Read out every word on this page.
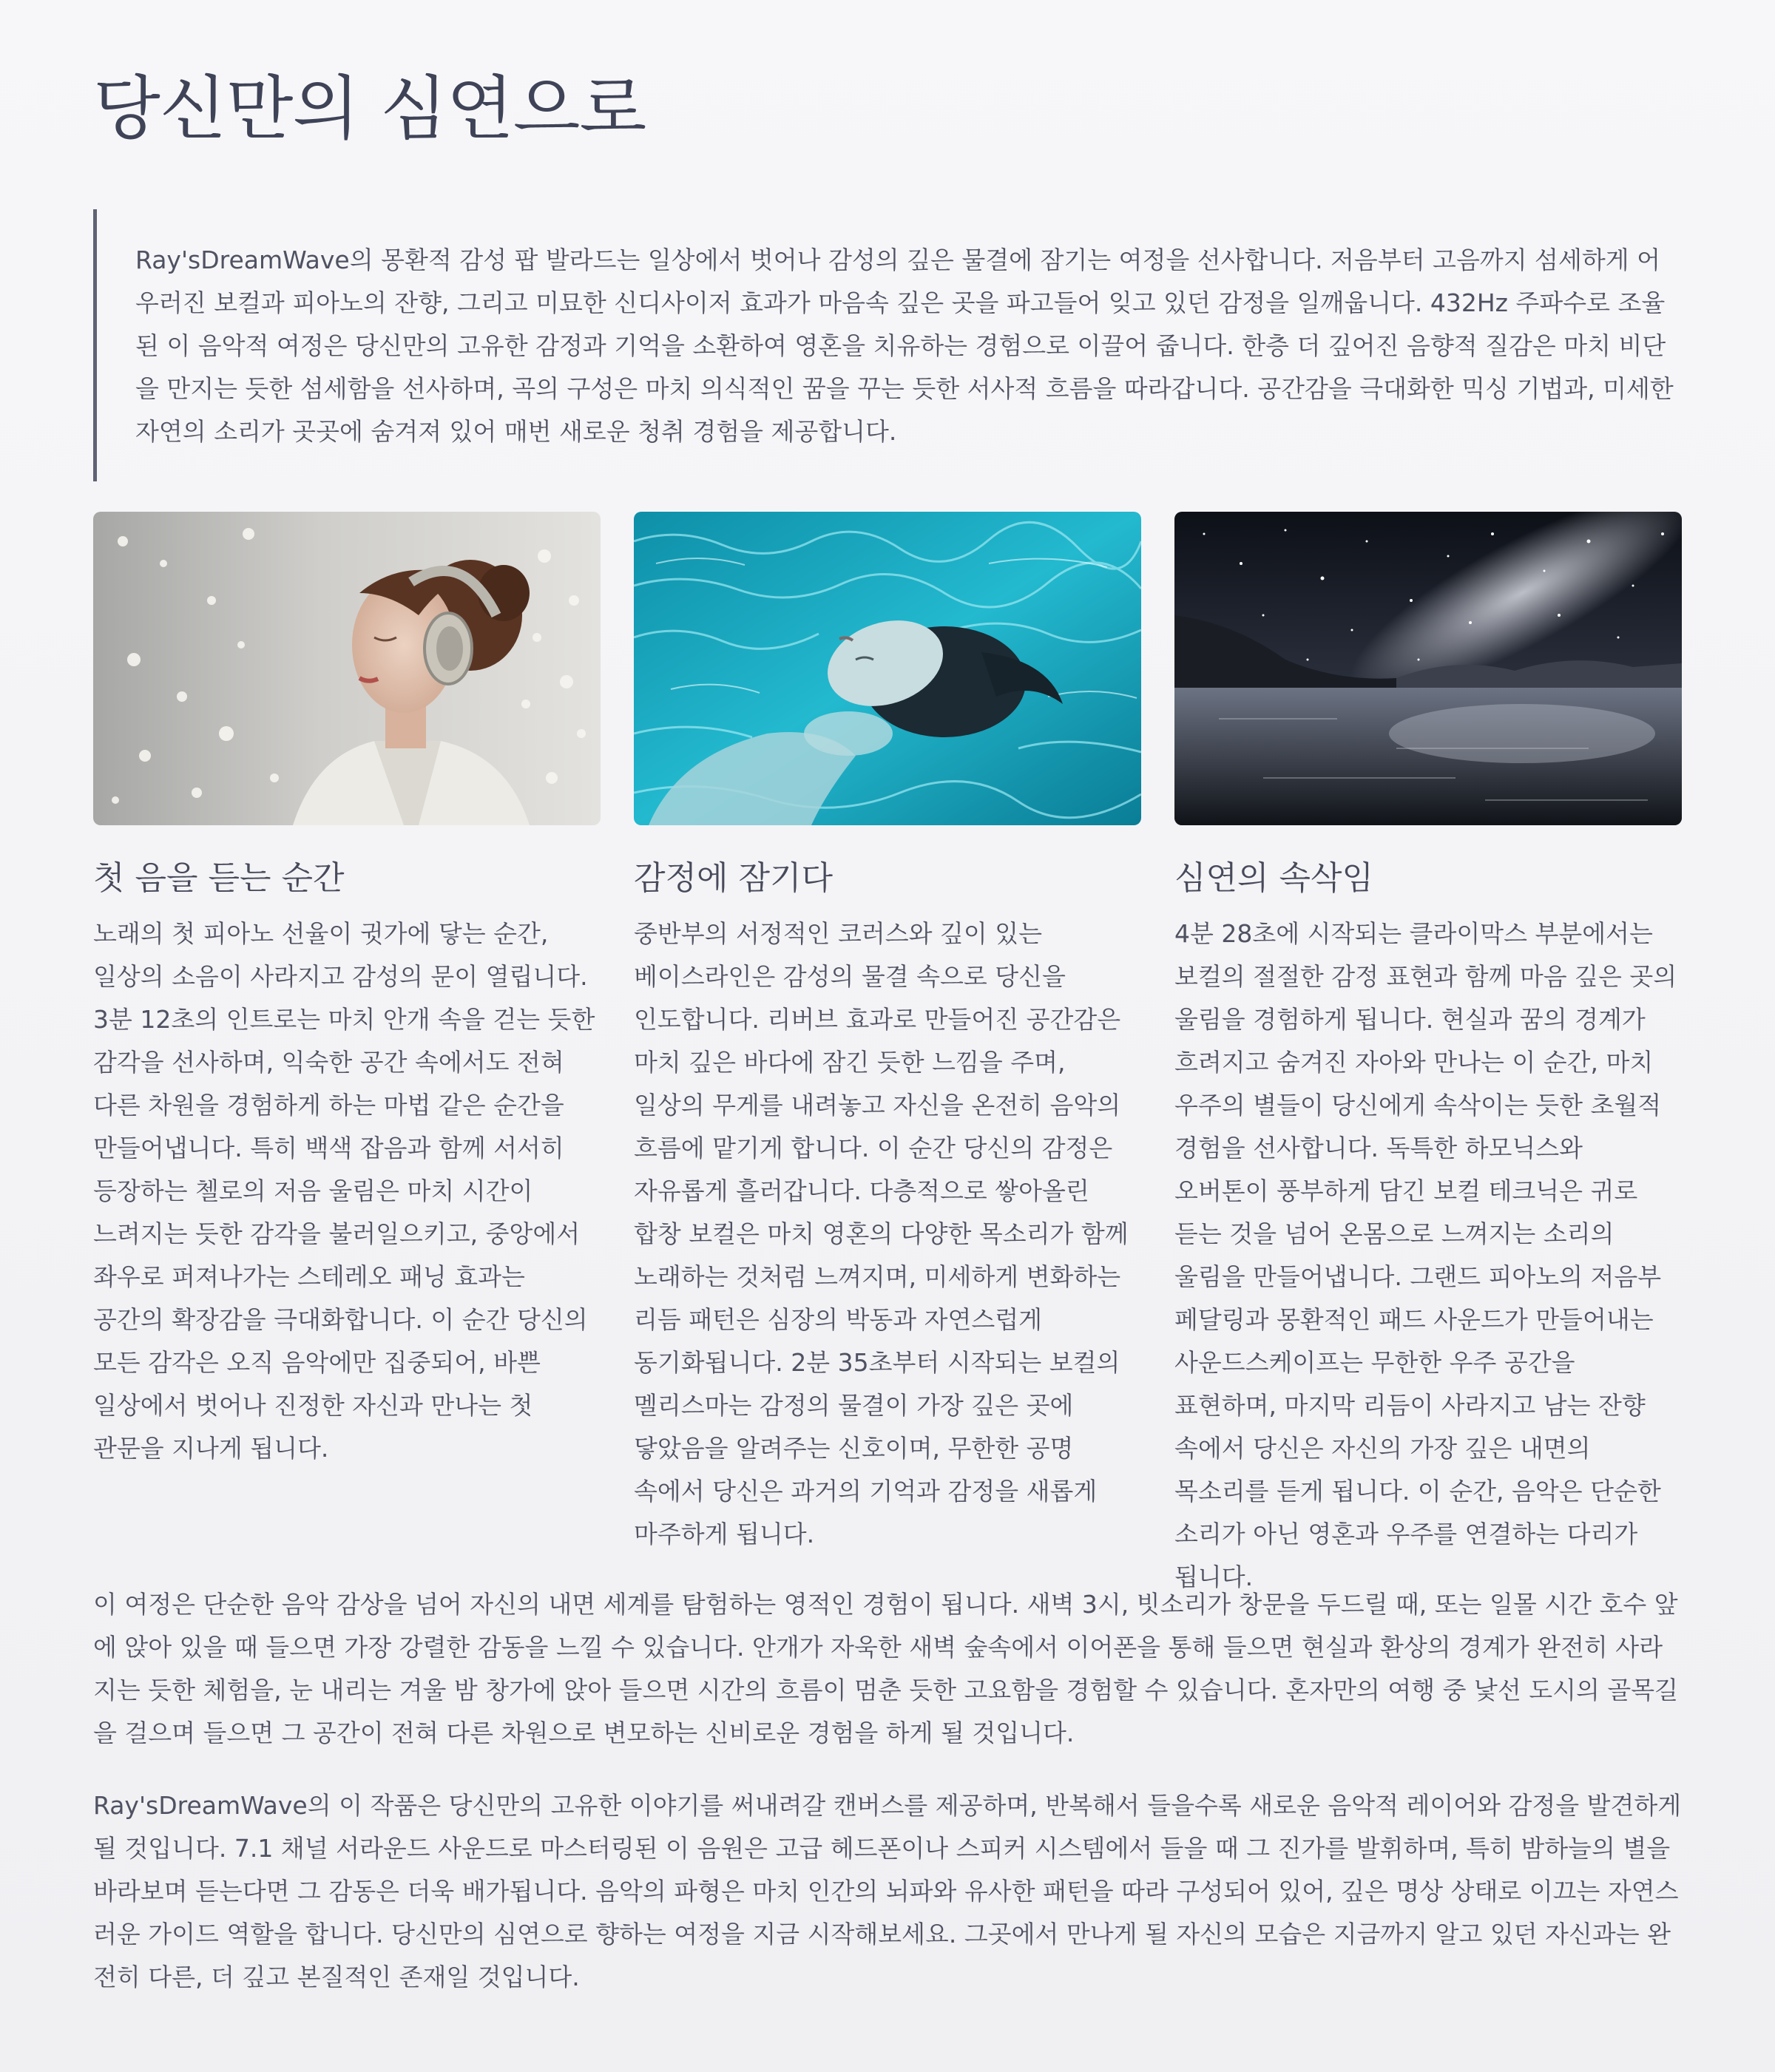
당신만의 심연으로
Ray'sDreamWave의 몽환적 감성 팝 발라드는 일상에서 벗어나 감성의 깊은 물결에 잠기는 여정을 선사합니다. 저음부터 고음까지 섬세하게 어우러진 보컬과 피아노의 잔향, 그리고 미묘한 신디사이저 효과가 마음속 깊은 곳을 파고들어 잊고 있던 감정을 일깨웁니다. 432Hz 주파수로 조율된 이 음악적 여정은 당신만의 고유한 감정과 기억을 소환하여 영혼을 치유하는 경험으로 이끌어 줍니다. 한층 더 깊어진 음향적 질감은 마치 비단을 만지는 듯한 섬세함을 선사하며, 곡의 구성은 마치 의식적인 꿈을 꾸는 듯한 서사적 흐름을 따라갑니다. 공간감을 극대화한 믹싱 기법과, 미세한 자연의 소리가 곳곳에 숨겨져 있어 매번 새로운 청취 경험을 제공합니다.
첫 음을 듣는 순간

노래의 첫 피아노 선율이 귓가에 닿는 순간, 일상의 소음이 사라지고 감성의 문이 열립니다. 3분 12초의 인트로는 마치 안개 속을 걷는 듯한 감각을 선사하며, 익숙한 공간 속에서도 전혀 다른 차원을 경험하게 하는 마법 같은 순간을 만들어냅니다. 특히 백색 잡음과 함께 서서히 등장하는 첼로의 저음 울림은 마치 시간이 느려지는 듯한 감각을 불러일으키고, 중앙에서 좌우로 퍼져나가는 스테레오 패닝 효과는 공간의 확장감을 극대화합니다. 이 순간 당신의 모든 감각은 오직 음악에만 집중되어, 바쁜 일상에서 벗어나 진정한 자신과 만나는 첫 관문을 지나게 됩니다.

감정에 잠기다

중반부의 서정적인 코러스와 깊이 있는 베이스라인은 감성의 물결 속으로 당신을 인도합니다. 리버브 효과로 만들어진 공간감은 마치 깊은 바다에 잠긴 듯한 느낌을 주며, 일상의 무게를 내려놓고 자신을 온전히 음악의 흐름에 맡기게 합니다. 이 순간 당신의 감정은 자유롭게 흘러갑니다. 다층적으로 쌓아올린 합창 보컬은 마치 영혼의 다양한 목소리가 함께 노래하는 것처럼 느껴지며, 미세하게 변화하는 리듬 패턴은 심장의 박동과 자연스럽게 동기화됩니다. 2분 35초부터 시작되는 보컬의 멜리스마는 감정의 물결이 가장 깊은 곳에 닿았음을 알려주는 신호이며, 무한한 공명 속에서 당신은 과거의 기억과 감정을 새롭게 마주하게 됩니다.

심연의 속삭임

4분 28초에 시작되는 클라이막스 부분에서는 보컬의 절절한 감정 표현과 함께 마음 깊은 곳의 울림을 경험하게 됩니다. 현실과 꿈의 경계가 흐려지고 숨겨진 자아와 만나는 이 순간, 마치 우주의 별들이 당신에게 속삭이는 듯한 초월적 경험을 선사합니다. 독특한 하모닉스와 오버톤이 풍부하게 담긴 보컬 테크닉은 귀로 듣는 것을 넘어 온몸으로 느껴지는 소리의 울림을 만들어냅니다. 그랜드 피아노의 저음부 페달링과 몽환적인 패드 사운드가 만들어내는 사운드스케이프는 무한한 우주 공간을 표현하며, 마지막 리듬이 사라지고 남는 잔향 속에서 당신은 자신의 가장 깊은 내면의 목소리를 듣게 됩니다. 이 순간, 음악은 단순한 소리가 아닌 영혼과 우주를 연결하는 다리가 됩니다.

이 여정은 단순한 음악 감상을 넘어 자신의 내면 세계를 탐험하는 영적인 경험이 됩니다. 새벽 3시, 빗소리가 창문을 두드릴 때, 또는 일몰 시간 호수 앞에 앉아 있을 때 들으면 가장 강렬한 감동을 느낄 수 있습니다. 안개가 자욱한 새벽 숲속에서 이어폰을 통해 들으면 현실과 환상의 경계가 완전히 사라지는 듯한 체험을, 눈 내리는 겨울 밤 창가에 앉아 들으면 시간의 흐름이 멈춘 듯한 고요함을 경험할 수 있습니다. 혼자만의 여행 중 낯선 도시의 골목길을 걸으며 들으면 그 공간이 전혀 다른 차원으로 변모하는 신비로운 경험을 하게 될 것입니다.

Ray'sDreamWave의 이 작품은 당신만의 고유한 이야기를 써내려갈 캔버스를 제공하며, 반복해서 들을수록 새로운 음악적 레이어와 감정을 발견하게 될 것입니다. 7.1 채널 서라운드 사운드로 마스터링된 이 음원은 고급 헤드폰이나 스피커 시스템에서 들을 때 그 진가를 발휘하며, 특히 밤하늘의 별을 바라보며 듣는다면 그 감동은 더욱 배가됩니다. 음악의 파형은 마치 인간의 뇌파와 유사한 패턴을 따라 구성되어 있어, 깊은 명상 상태로 이끄는 자연스러운 가이드 역할을 합니다. 당신만의 심연으로 향하는 여정을 지금 시작해보세요. 그곳에서 만나게 될 자신의 모습은 지금까지 알고 있던 자신과는 완전히 다른, 더 깊고 본질적인 존재일 것입니다.
